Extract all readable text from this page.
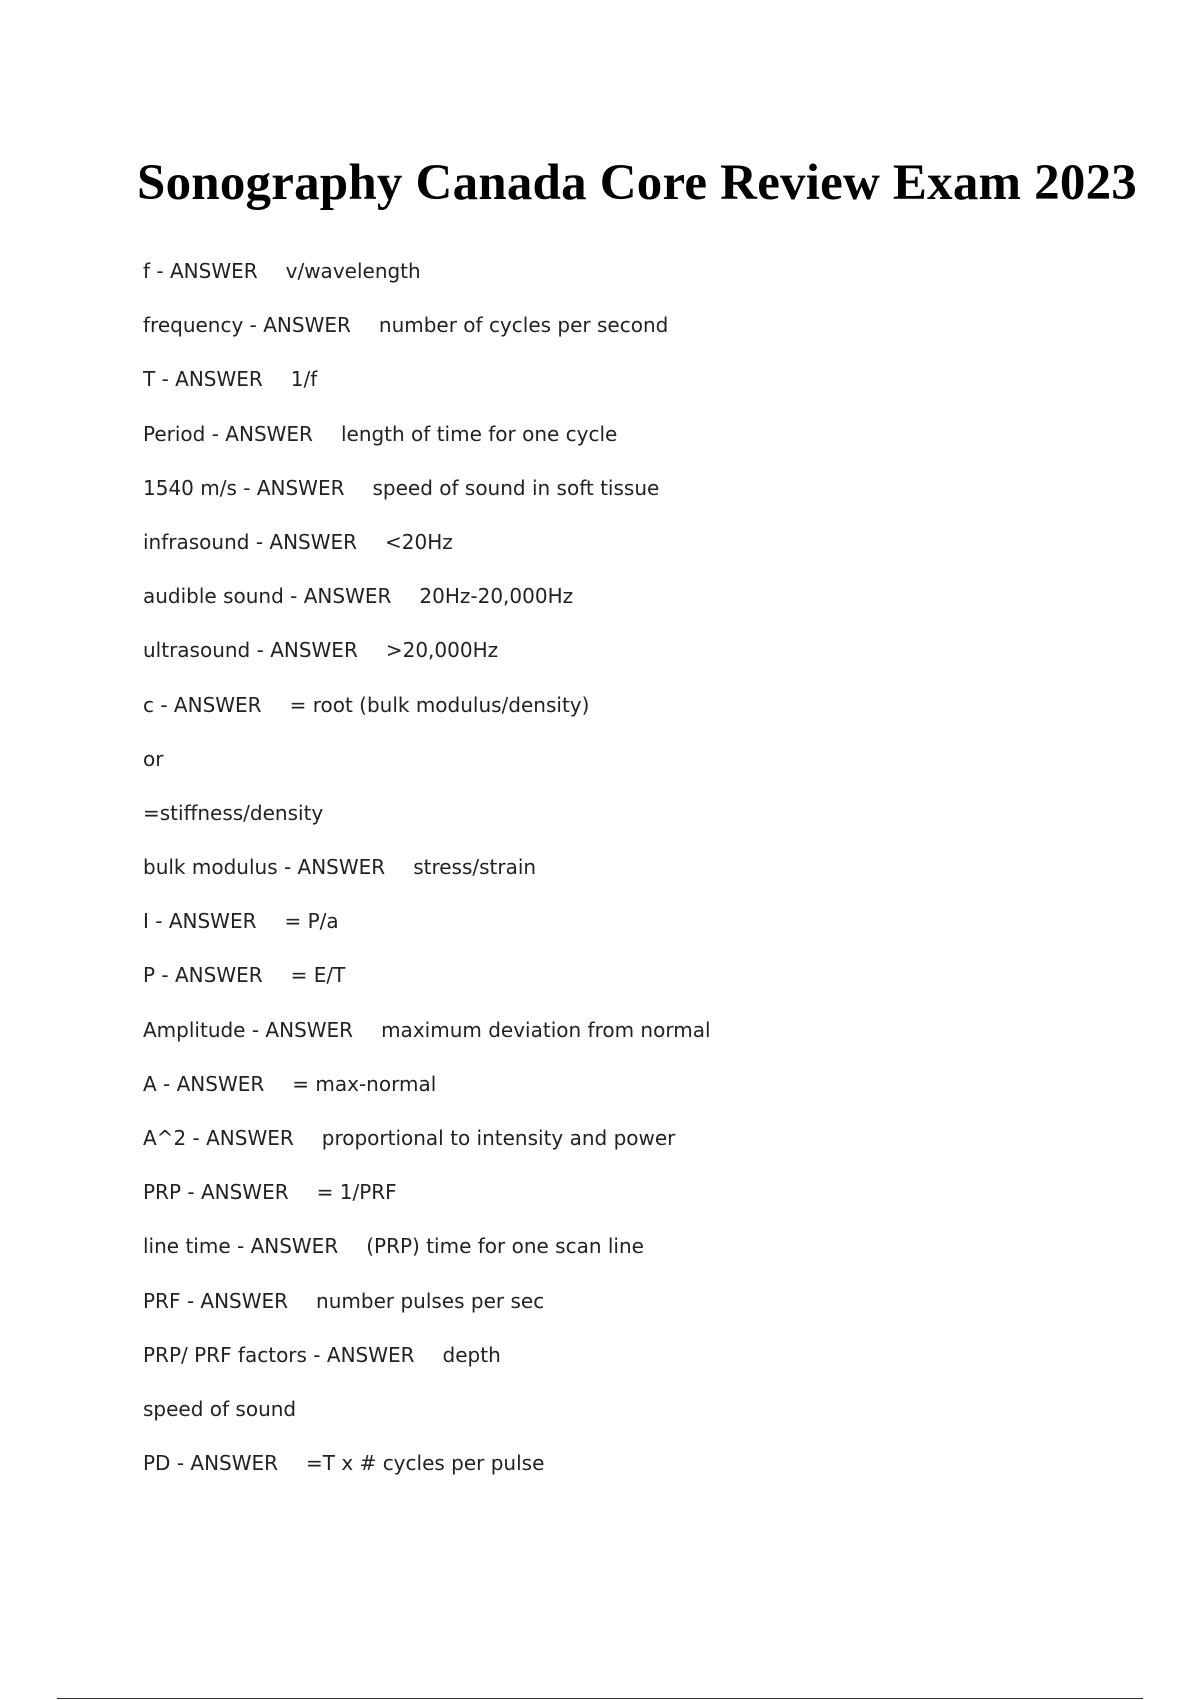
Sonography Canada Core Review Exam 2023
f - ANSWER v/wavelength
frequency - ANSWER number of cycles per second
T - ANSWER 1/f
Period - ANSWER length of time for one cycle
1540 m/s - ANSWER speed of sound in soft tissue
infrasound - ANSWER <20Hz
audible sound - ANSWER 20Hz-20,000Hz
ultrasound - ANSWER >20,000Hz
c - ANSWER = root (bulk modulus/density)
or
=stiffness/density
bulk modulus - ANSWER stress/strain
I - ANSWER = P/a
P - ANSWER = E/T
Amplitude - ANSWER maximum deviation from normal
A - ANSWER = max-normal
A^2 - ANSWER proportional to intensity and power
PRP - ANSWER = 1/PRF
line time - ANSWER (PRP) time for one scan line
PRF - ANSWER number pulses per sec
PRP/ PRF factors - ANSWER depth
speed of sound
PD - ANSWER =T x # cycles per pulse
